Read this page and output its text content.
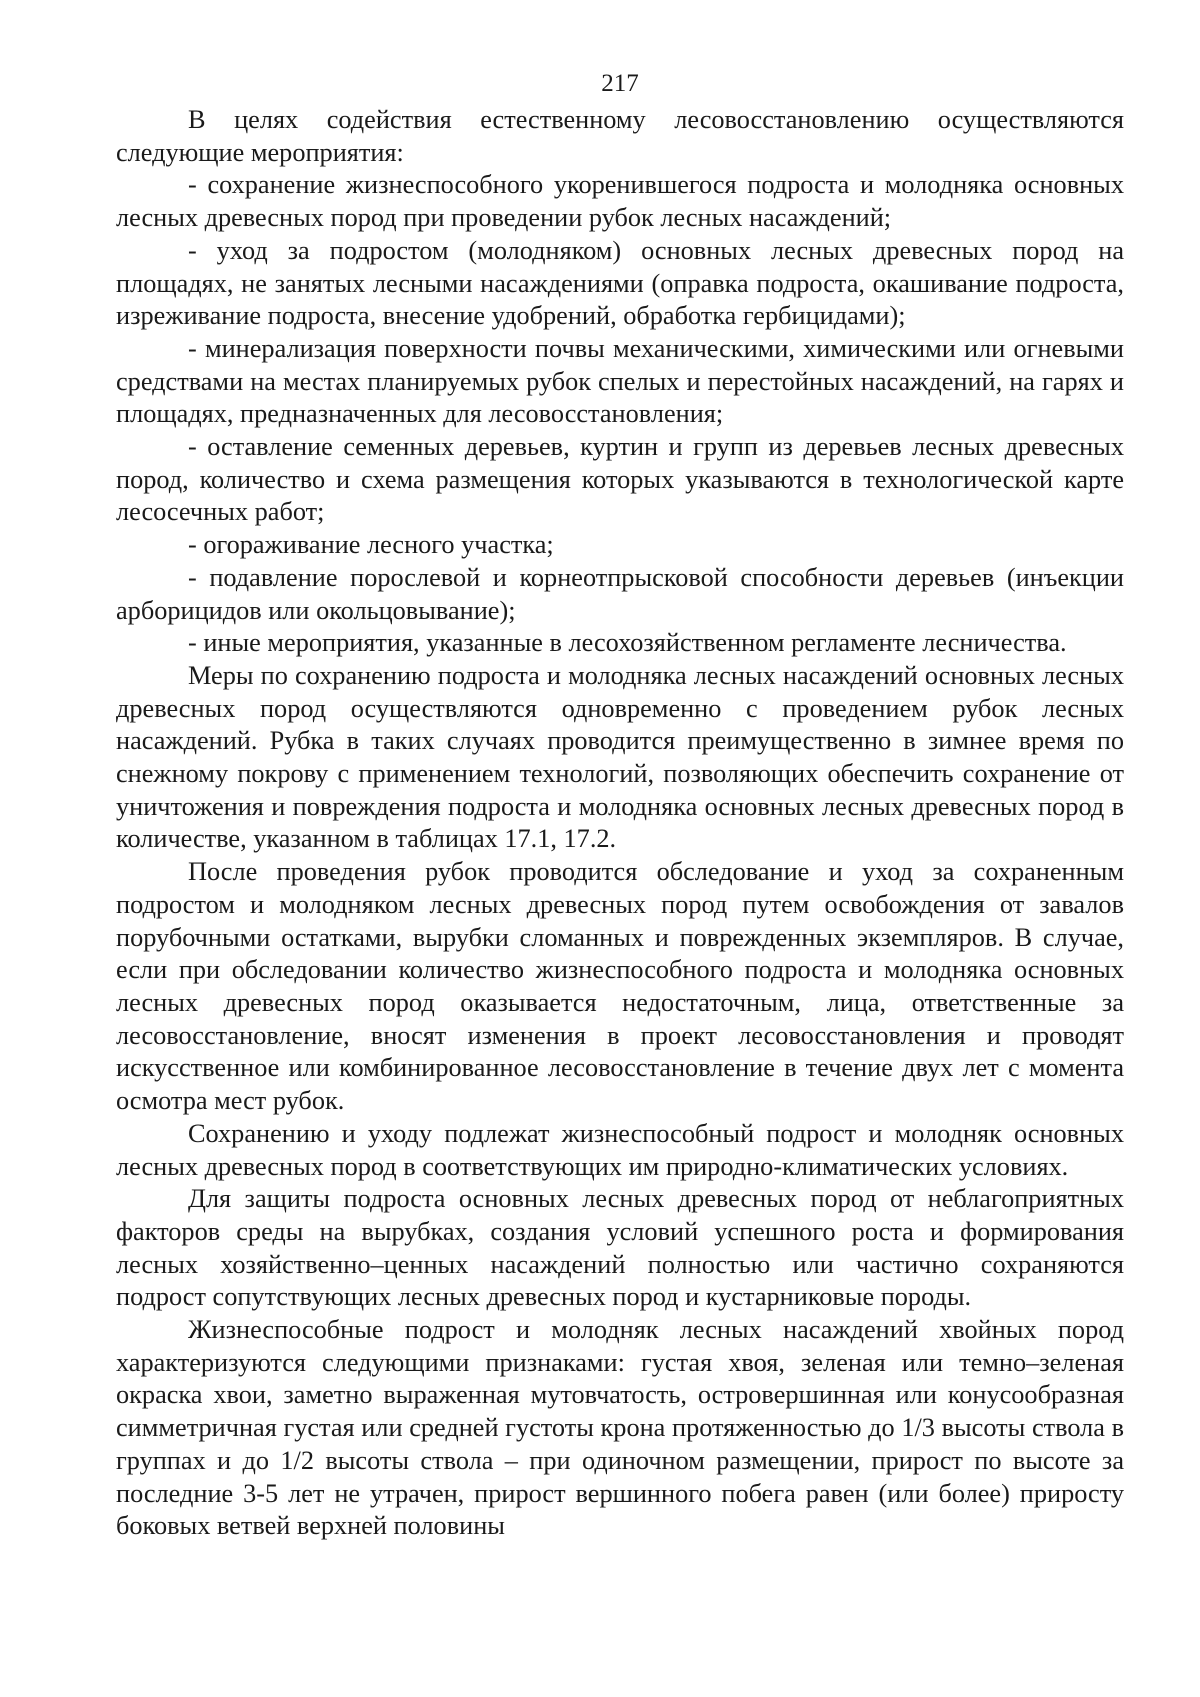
217

В целях содействия естественному лесовосстановлению осуществляются следующие мероприятия:

- сохранение жизнеспособного укоренившегося подроста и молодняка основных лесных древесных пород при проведении рубок лесных насаждений;

- уход за подростом (молодняком) основных лесных древесных пород на площадях, не занятых лесными насаждениями (оправка подроста, окашивание подроста, изреживание подроста, внесение удобрений, обработка гербицидами);

- минерализация поверхности почвы механическими, химическими или огневыми средствами на местах планируемых рубок спелых и перестойных насаждений, на гарях и площадях, предназначенных для лесовосстановления;

- оставление семенных деревьев, куртин и групп из деревьев лесных древесных пород, количество и схема размещения которых указываются в технологической карте лесосечных работ;

- огораживание лесного участка;

- подавление порослевой и корнеотпрысковой способности деревьев (инъекции арборицидов или окольцовывание);

- иные мероприятия, указанные в лесохозяйственном регламенте лесничества.

Меры по сохранению подроста и молодняка лесных насаждений основных лесных древесных пород осуществляются одновременно с проведением рубок лесных насаждений. Рубка в таких случаях проводится преимущественно в зимнее время по снежному покрову с применением технологий, позволяющих обеспечить сохранение от уничтожения и повреждения подроста и молодняка основных лесных древесных пород в количестве, указанном в таблицах 17.1, 17.2.

После проведения рубок проводится обследование и уход за сохраненным подростом и молодняком лесных древесных пород путем освобождения от завалов порубочными остатками, вырубки сломанных и поврежденных экземпляров. В случае, если при обследовании количество жизнеспособного подроста и молодняка основных лесных древесных пород оказывается недостаточным, лица, ответственные за лесовосстановление, вносят изменения в проект лесовосстановления и проводят искусственное или комбинированное лесовосстановление в течение двух лет с момента осмотра мест рубок.

Сохранению и уходу подлежат жизнеспособный подрост и молодняк основных лесных древесных пород в соответствующих им природно-климатических условиях.

Для защиты подроста основных лесных древесных пород от неблагоприятных факторов среды на вырубках, создания условий успешного роста и формирования лесных хозяйственно–ценных насаждений полностью или частично сохраняются подрост сопутствующих лесных древесных пород и кустарниковые породы.

Жизнеспособные подрост и молодняк лесных насаждений хвойных пород характеризуются следующими признаками: густая хвоя, зеленая или темно–зеленая окраска хвои, заметно выраженная мутовчатость, островершинная или конусообразная симметричная густая или средней густоты крона протяженностью до 1/3 высоты ствола в группах и до 1/2 высоты ствола – при одиночном размещении, прирост по высоте за последние 3-5 лет не утрачен, прирост вершинного побега равен (или более) приросту боковых ветвей верхней половины
